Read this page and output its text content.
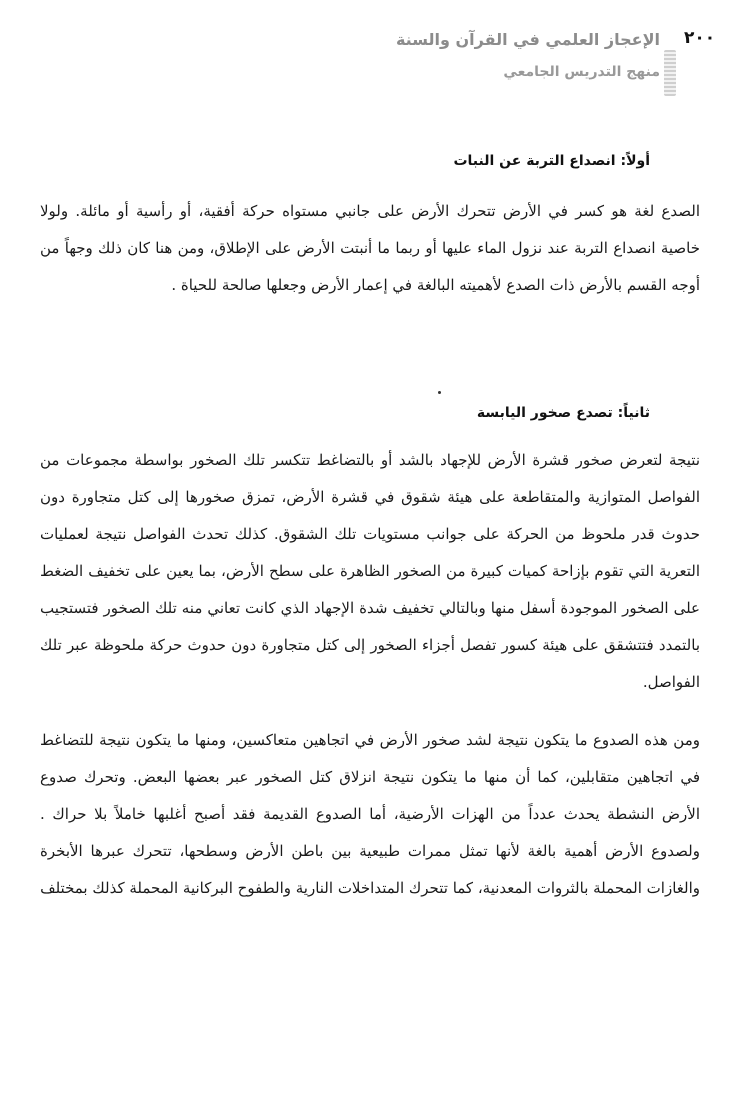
٢٠٠
الإعجاز العلمي في القرآن والسنة
منهج التدريس الجامعي
أولاً: انصداع التربة عن النبات

الصدع لغة هو كسر في الأرض تتحرك الأرض على جانبي مستواه حركة أفقية، أو رأسية أو مائلة. ولولا خاصية انصداع التربة عند نزول الماء عليها أو ربما ما أنبتت الأرض على الإطلاق، ومن هنا كان ذلك وجهاً من أوجه القسم بالأرض ذات الصدع لأهميته البالغة في إعمار الأرض وجعلها صالحة للحياة .

ثانياً: تصدع صخور اليابسة

نتيجة لتعرض صخور قشرة الأرض للإجهاد بالشد أو بالتضاغط تتكسر تلك الصخور بواسطة مجموعات من الفواصل المتوازية والمتقاطعة على هيئة شقوق في قشرة الأرض، تمزق صخورها إلى كتل متجاورة دون حدوث قدر ملحوظ من الحركة على جوانب مستويات تلك الشقوق. كذلك تحدث الفواصل نتيجة لعمليات التعرية التي تقوم بإزاحة كميات كبيرة من الصخور الظاهرة على سطح الأرض، بما يعين على تخفيف الضغط على الصخور الموجودة أسفل منها وبالتالي تخفيف شدة الإجهاد الذي كانت تعاني منه تلك الصخور فتستجيب بالتمدد فتتشقق على هيئة كسور تفصل أجزاء الصخور إلى كتل متجاورة دون حدوث حركة ملحوظة عبر تلك الفواصل.

ومن هذه الصدوع ما يتكون نتيجة لشد صخور الأرض في اتجاهين متعاكسين، ومنها ما يتكون نتيجة للتضاغط في اتجاهين متقابلين، كما أن منها ما يتكون نتيجة انزلاق كتل الصخور عبر بعضها البعض. وتحرك صدوع الأرض النشطة يحدث عدداً من الهزات الأرضية، أما الصدوع القديمة فقد أصبح أغلبها خاملاً بلا حراك . ولصدوع الأرض أهمية بالغة لأنها تمثل ممرات طبيعية بين باطن الأرض وسطحها، تتحرك عبرها الأبخرة والغازات المحملة بالثروات المعدنية، كما تتحرك المتداخلات النارية والطفوح البركانية المحملة كذلك بمختلف
